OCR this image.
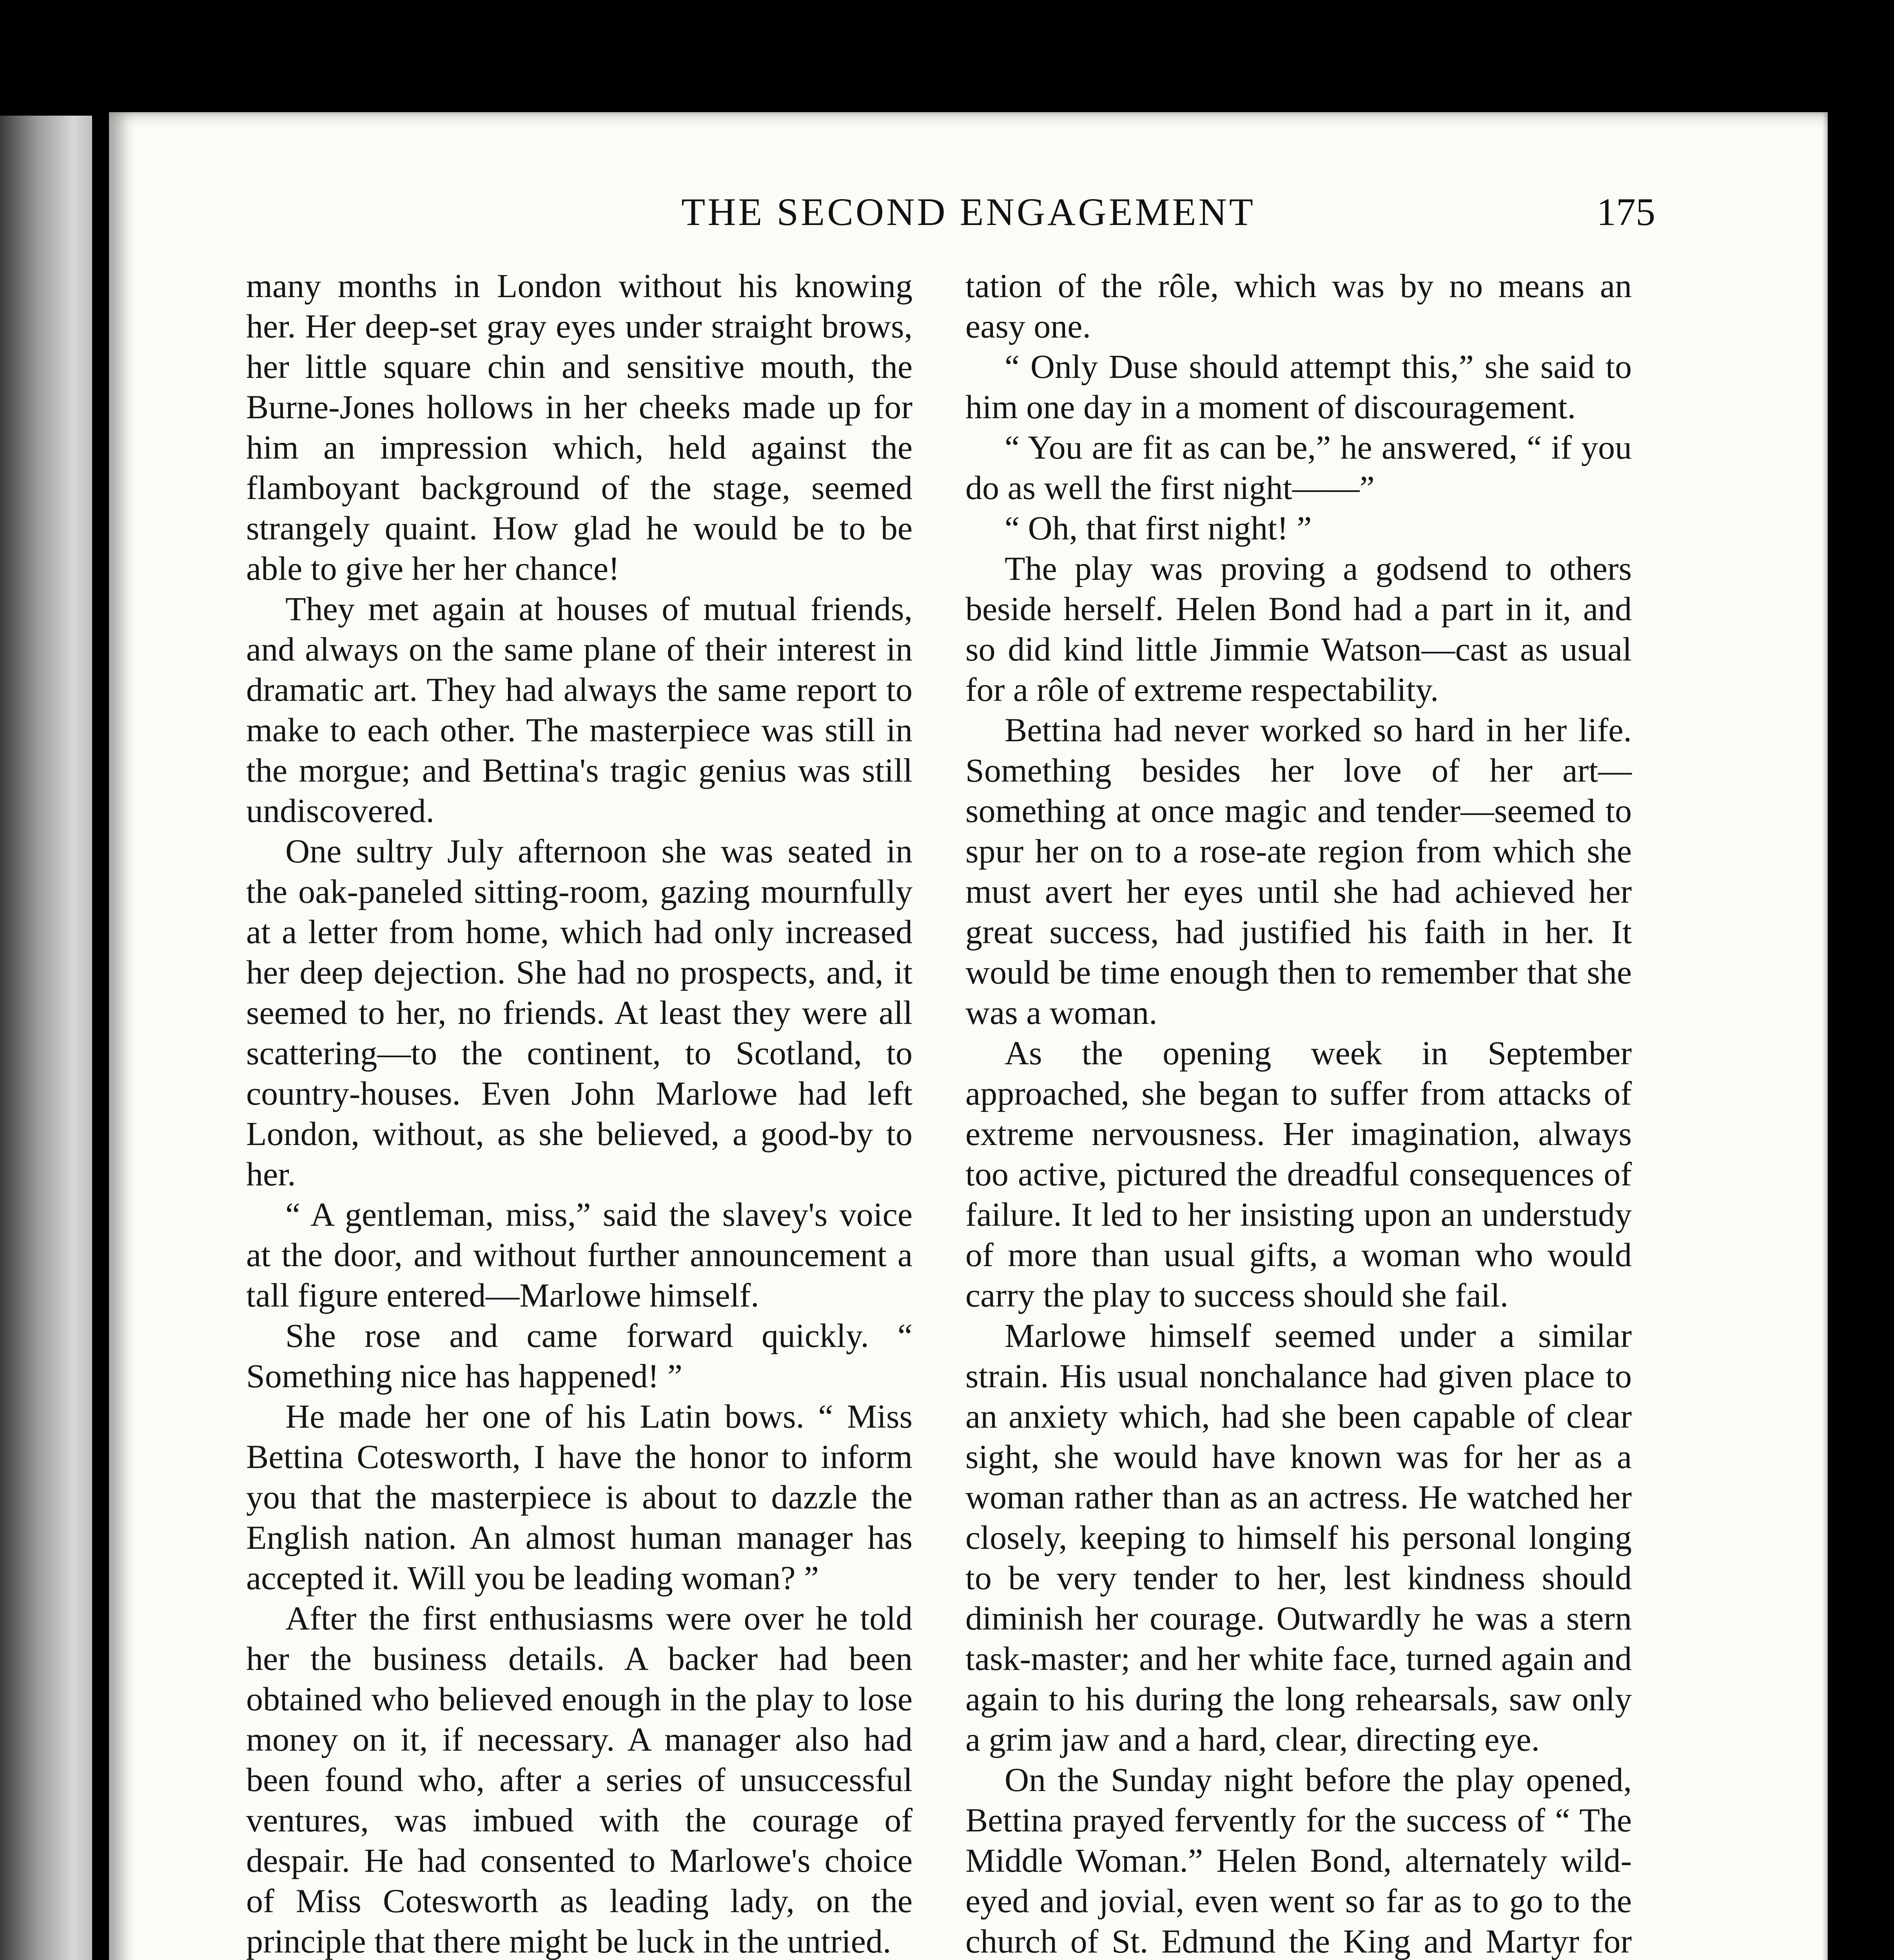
THE SECOND ENGAGEMENT	175

many months in London without his knowing her. Her deep-set gray eyes under straight brows, her little square chin and sensitive mouth, the Burne-Jones hollows in her cheeks made up for him an impression which, held against the flamboyant background of the stage, seemed strangely quaint. How glad he would be to be able to give her her chance!

They met again at houses of mutual friends, and always on the same plane of their interest in dramatic art. They had always the same report to make to each other. The masterpiece was still in the morgue; and Bettina's tragic genius was still undiscovered.

One sultry July afternoon she was seated in the oak-paneled sitting-room, gazing mournfully at a letter from home, which had only increased her deep dejection. She had no prospects, and, it seemed to her, no friends. At least they were all scattering—to the continent, to Scotland, to country-houses. Even John Marlowe had left London, without, as she believed, a good-by to her.

“ A gentleman, miss,” said the slavey's voice at the door, and without further announcement a tall figure entered—Marlowe himself.

She rose and came forward quickly. “ Something nice has happened! ”

He made her one of his Latin bows. “ Miss Bettina Cotesworth, I have the honor to inform you that the masterpiece is about to dazzle the English nation. An almost human manager has accepted it. Will you be leading woman? ”

After the first enthusiasms were over he told her the business details. A backer had been obtained who believed enough in the play to lose money on it, if necessary. A manager also had been found who, after a series of unsuccessful ventures, was imbued with the courage of despair. He had consented to Marlowe's choice of Miss Cotesworth as leading lady, on the principle that there might be luck in the untried.

tation of the rôle, which was by no means an easy one.

“ Only Duse should attempt this,” she said to him one day in a moment of discouragement.

“ You are fit as can be,” he answered, “ if you do as well the first night——”

“ Oh, that first night! ”

The play was proving a godsend to others beside herself. Helen Bond had a part in it, and so did kind little Jimmie Watson—cast as usual for a rôle of extreme respectability.

Bettina had never worked so hard in her life. Something besides her love of her art—something at once magic and tender—seemed to spur her on to a rose-ate region from which she must avert her eyes until she had achieved her great success, had justified his faith in her. It would be time enough then to remember that she was a woman.

As the opening week in September approached, she began to suffer from attacks of extreme nervousness. Her imagination, always too active, pictured the dreadful consequences of failure. It led to her insisting upon an understudy of more than usual gifts, a woman who would carry the play to success should she fail.

Marlowe himself seemed under a similar strain. His usual nonchalance had given place to an anxiety which, had she been capable of clear sight, she would have known was for her as a woman rather than as an actress. He watched her closely, keeping to himself his personal longing to be very tender to her, lest kindness should diminish her courage. Outwardly he was a stern task-master; and her white face, turned again and again to his during the long rehearsals, saw only a grim jaw and a hard, clear, directing eye.

On the Sunday night before the play opened, Bettina prayed fervently for the success of “ The Middle Woman.” Helen Bond, alternately wild-eyed and jovial, even went so far as to go to the church of St. Edmund the King and Martyr for
